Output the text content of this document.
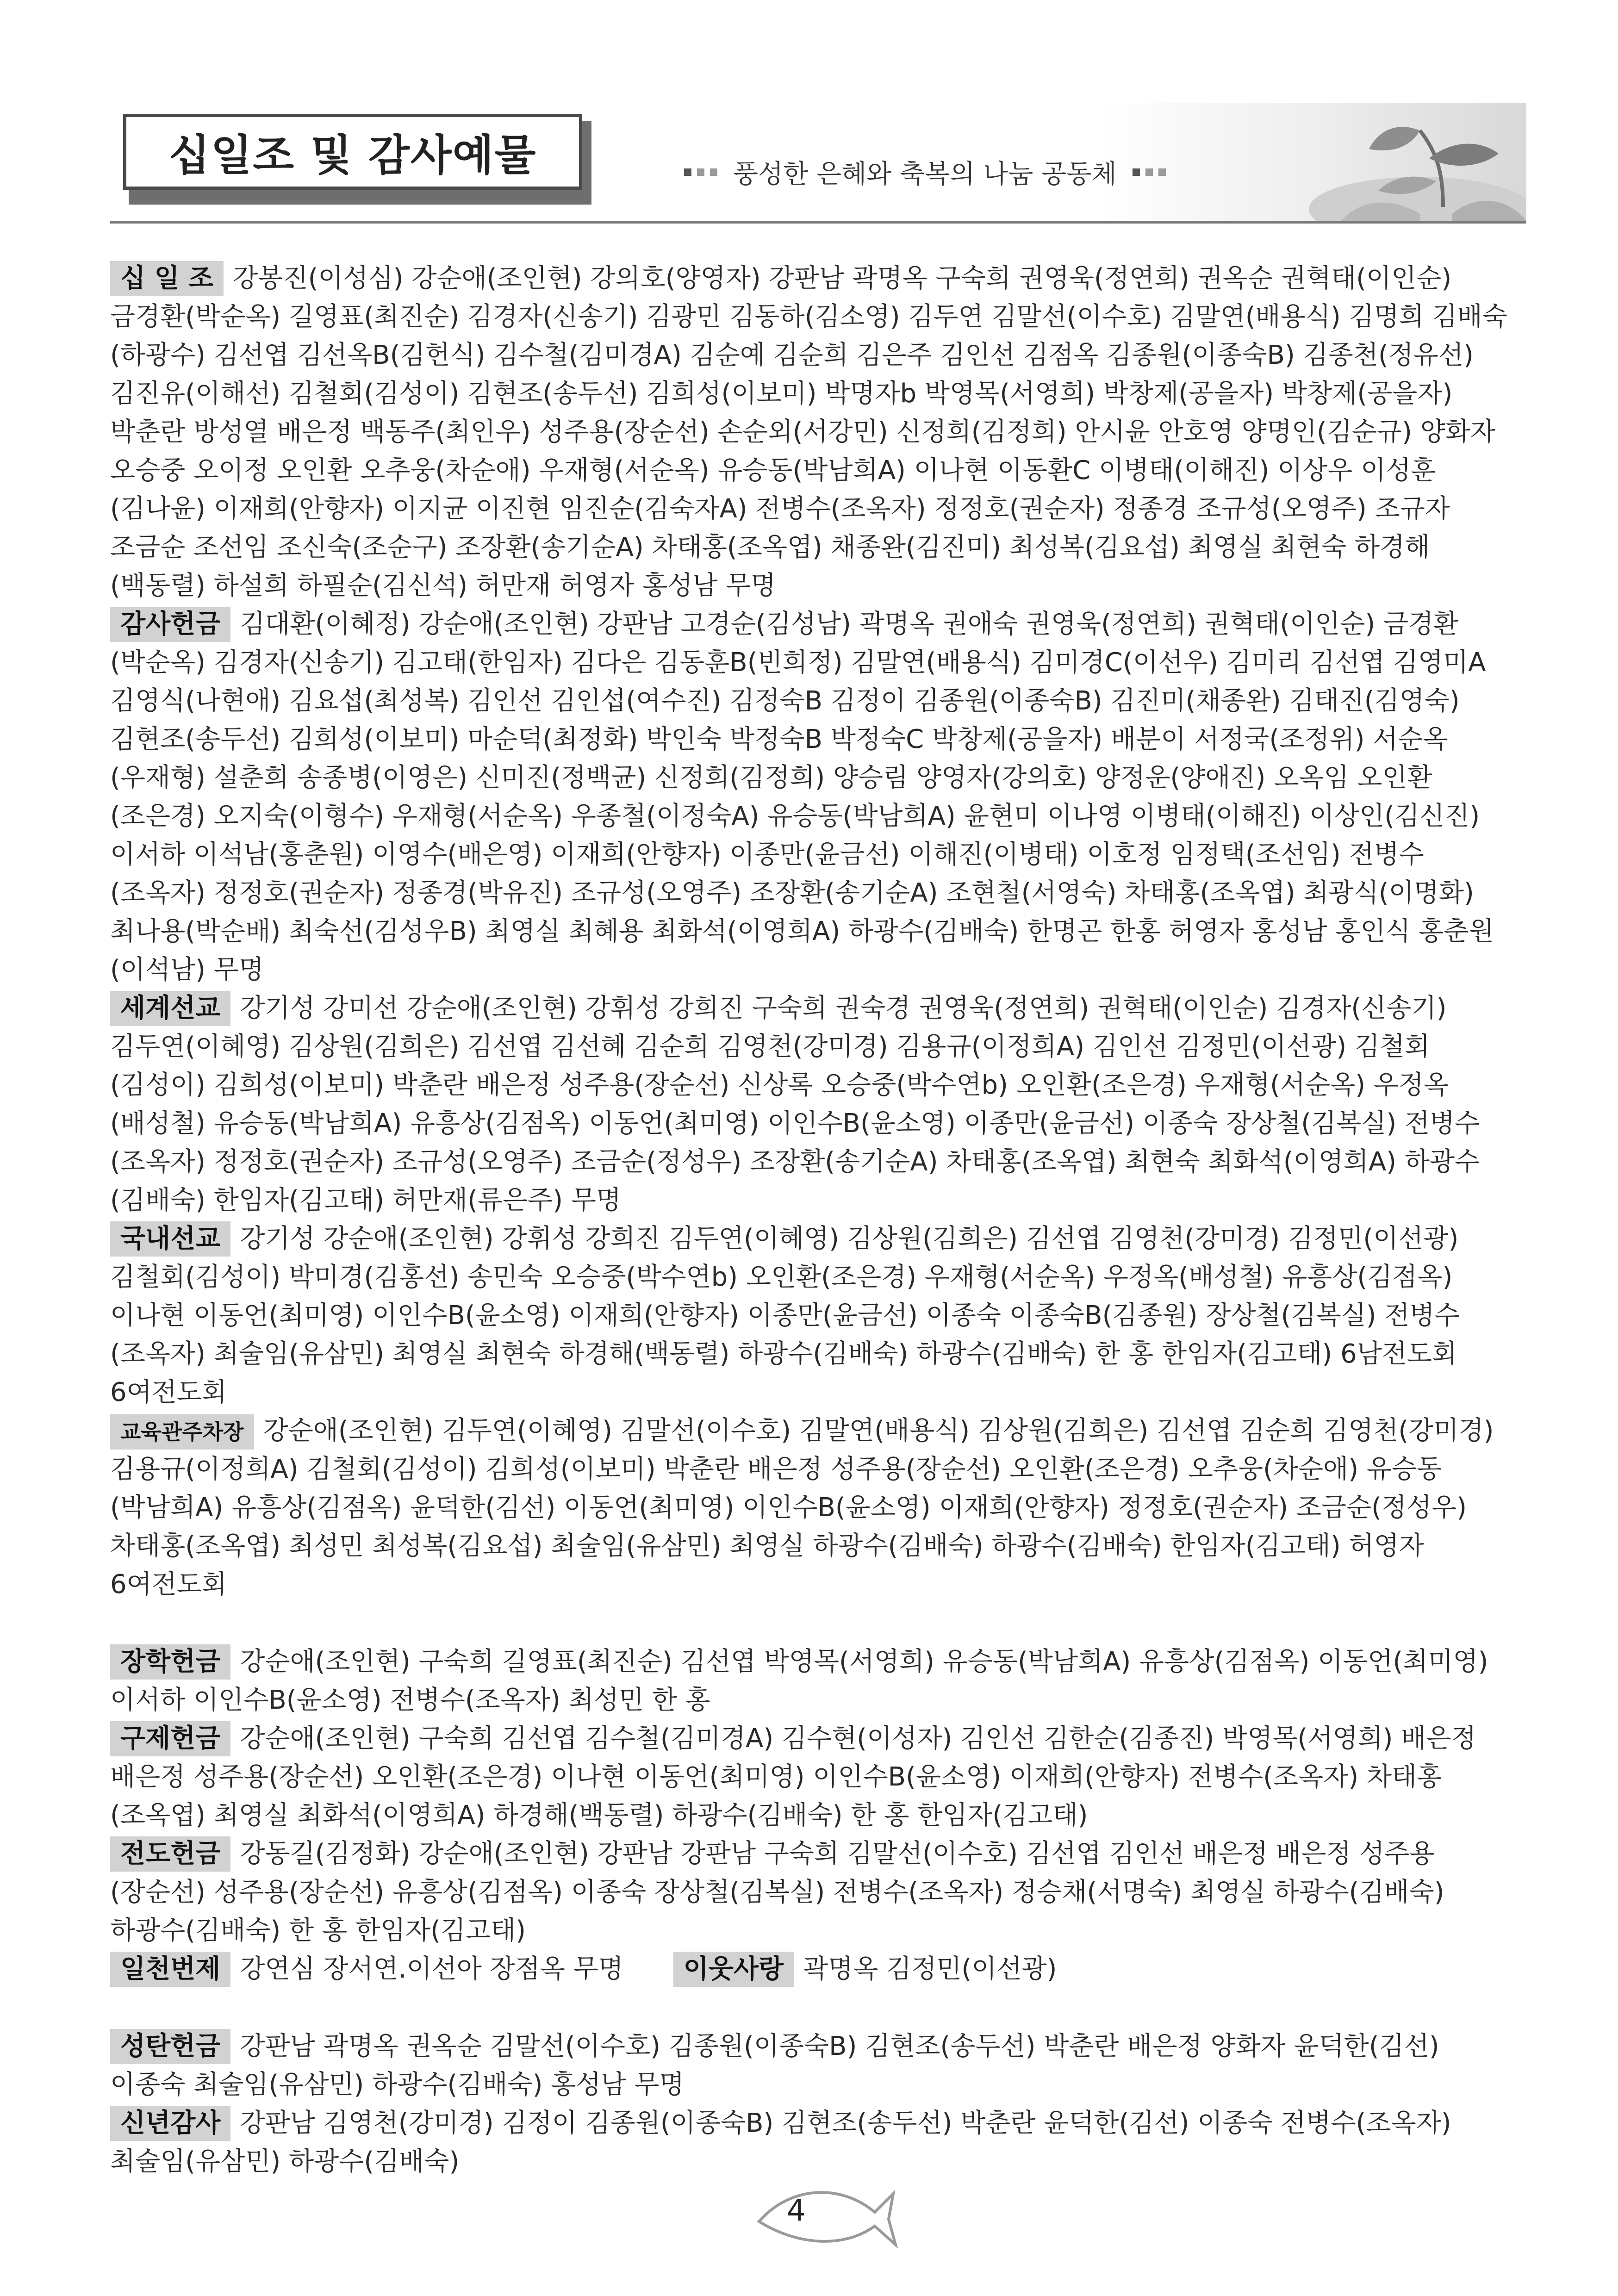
십일조 및 감사예물	풍성한 은혜와 축복의 나눔 공동체
십 일 조 강봉진(이성심) 강순애(조인현) 강의호(양영자) 강판남 곽명옥 구숙희 권영욱(정연희) 권옥순 권혁태(이인순) 금경환(박순옥) 길영표(최진순) 김경자(신송기) 김광민 김동하(김소영) 김두연 김말선(이수호) 김말연(배용식) 김명희 김배숙(하광수) 김선엽 김선옥B(김헌식) 김수철(김미경A) 김순예 김순희 김은주 김인선 김점옥 김종원(이종숙B) 김종천(정유선) 김진유(이해선) 김철회(김성이) 김현조(송두선) 김희성(이보미) 박명자b 박영목(서영희) 박창제(공을자) 박창제(공을자) 박춘란 방성열 배은정 백동주(최인우) 성주용(장순선) 손순외(서강민) 신정희(김정희) 안시윤 안호영 양명인(김순규) 양화자 오승중 오이정 오인환 오추웅(차순애) 우재형(서순옥) 유승동(박남희A) 이나현 이동환C 이병태(이해진) 이상우 이성훈(김나윤) 이재희(안향자) 이지균 이진현 임진순(김숙자A) 전병수(조옥자) 정정호(권순자) 정종경 조규성(오영주) 조규자 조금순 조선임 조신숙(조순구) 조장환(송기순A) 차태홍(조옥엽) 채종완(김진미) 최성복(김요섭) 최영실 최현숙 하경해(백동렬) 하설희 하필순(김신석) 허만재 허영자 홍성남 무명
감사헌금 김대환(이혜정) 강순애(조인현) 강판남 고경순(김성남) 곽명옥 권애숙 권영욱(정연희) 권혁태(이인순) 금경환(박순옥) 김경자(신송기) 김고태(한임자) 김다은 김동훈B(빈희정) 김말연(배용식) 김미경C(이선우) 김미리 김선엽 김영미A 김영식(나현애) 김요섭(최성복) 김인선 김인섭(여수진) 김정숙B 김정이 김종원(이종숙B) 김진미(채종완) 김태진(김영숙) 김현조(송두선) 김희성(이보미) 마순덕(최정화) 박인숙 박정숙B 박정숙C 박창제(공을자) 배분이 서정국(조정위) 서순옥(우재형) 설춘희 송종병(이영은) 신미진(정백균) 신정희(김정희) 양승림 양영자(강의호) 양정운(양애진) 오옥임 오인환(조은경) 오지숙(이형수) 우재형(서순옥) 우종철(이정숙A) 유승동(박남희A) 윤현미 이나영 이병태(이해진) 이상인(김신진) 이서하 이석남(홍춘원) 이영수(배은영) 이재희(안향자) 이종만(윤금선) 이해진(이병태) 이호정 임정택(조선임) 전병수(조옥자) 정정호(권순자) 정종경(박유진) 조규성(오영주) 조장환(송기순A) 조현철(서영숙) 차태홍(조옥엽) 최광식(이명화) 최나용(박순배) 최숙선(김성우B) 최영실 최혜용 최화석(이영희A) 하광수(김배숙) 한명곤 한홍 허영자 홍성남 홍인식 홍춘원(이석남) 무명
세계선교 강기성 강미선 강순애(조인현) 강휘성 강희진 구숙희 권숙경 권영욱(정연희) 권혁태(이인순) 김경자(신송기) 김두연(이혜영) 김상원(김희은) 김선엽 김선혜 김순희 김영천(강미경) 김용규(이정희A) 김인선 김정민(이선광) 김철회(김성이) 김희성(이보미) 박춘란 배은정 성주용(장순선) 신상록 오승중(박수연b) 오인환(조은경) 우재형(서순옥) 우정옥(배성철) 유승동(박남희A) 유흥상(김점옥) 이동언(최미영) 이인수B(윤소영) 이종만(윤금선) 이종숙 장상철(김복실) 전병수(조옥자) 정정호(권순자) 조규성(오영주) 조금순(정성우) 조장환(송기순A) 차태홍(조옥엽) 최현숙 최화석(이영희A) 하광수(김배숙) 한임자(김고태) 허만재(류은주) 무명
국내선교 강기성 강순애(조인현) 강휘성 강희진 김두연(이혜영) 김상원(김희은) 김선엽 김영천(강미경) 김정민(이선광) 김철회(김성이) 박미경(김홍선) 송민숙 오승중(박수연b) 오인환(조은경) 우재형(서순옥) 우정옥(배성철) 유흥상(김점옥) 이나현 이동언(최미영) 이인수B(윤소영) 이재희(안향자) 이종만(윤금선) 이종숙 이종숙B(김종원) 장상철(김복실) 전병수(조옥자) 최술임(유삼민) 최영실 최현숙 하경해(백동렬) 하광수(김배숙) 하광수(김배숙) 한 홍 한임자(김고태) 6남전도회 6여전도회
교육관주차장 강순애(조인현) 김두연(이혜영) 김말선(이수호) 김말연(배용식) 김상원(김희은) 김선엽 김순희 김영천(강미경) 김용규(이정희A) 김철회(김성이) 김희성(이보미) 박춘란 배은정 성주용(장순선) 오인환(조은경) 오추웅(차순애) 유승동(박남희A) 유흥상(김점옥) 윤덕한(김선) 이동언(최미영) 이인수B(윤소영) 이재희(안향자) 정정호(권순자) 조금순(정성우) 차태홍(조옥엽) 최성민 최성복(김요섭) 최술임(유삼민) 최영실 하광수(김배숙) 하광수(김배숙) 한임자(김고태) 허영자 6여전도회
장학헌금 강순애(조인현) 구숙희 길영표(최진순) 김선엽 박영목(서영희) 유승동(박남희A) 유흥상(김점옥) 이동언(최미영) 이서하 이인수B(윤소영) 전병수(조옥자) 최성민 한 홍
구제헌금 강순애(조인현) 구숙희 김선엽 김수철(김미경A) 김수현(이성자) 김인선 김한순(김종진) 박영목(서영희) 배은정 배은정 성주용(장순선) 오인환(조은경) 이나현 이동언(최미영) 이인수B(윤소영) 이재희(안향자) 전병수(조옥자) 차태홍(조옥엽) 최영실 최화석(이영희A) 하경해(백동렬) 하광수(김배숙) 한 홍 한임자(김고태)
전도헌금 강동길(김정화) 강순애(조인현) 강판남 강판남 구숙희 김말선(이수호) 김선엽 김인선 배은정 배은정 성주용(장순선) 성주용(장순선) 유흥상(김점옥) 이종숙 장상철(김복실) 전병수(조옥자) 정승채(서명숙) 최영실 하광수(김배숙) 하광수(김배숙) 한 홍 한임자(김고태)
일천번제 강연심 장서연.이선아 장점옥 무명 이웃사랑 곽명옥 김정민(이선광)
성탄헌금 강판남 곽명옥 권옥순 김말선(이수호) 김종원(이종숙B) 김현조(송두선) 박춘란 배은정 양화자 윤덕한(김선) 이종숙 최술임(유삼민) 하광수(김배숙) 홍성남 무명
신년감사 강판남 김영천(강미경) 김정이 김종원(이종숙B) 김현조(송두선) 박춘란 윤덕한(김선) 이종숙 전병수(조옥자) 최술임(유삼민) 하광수(김배숙)
4
